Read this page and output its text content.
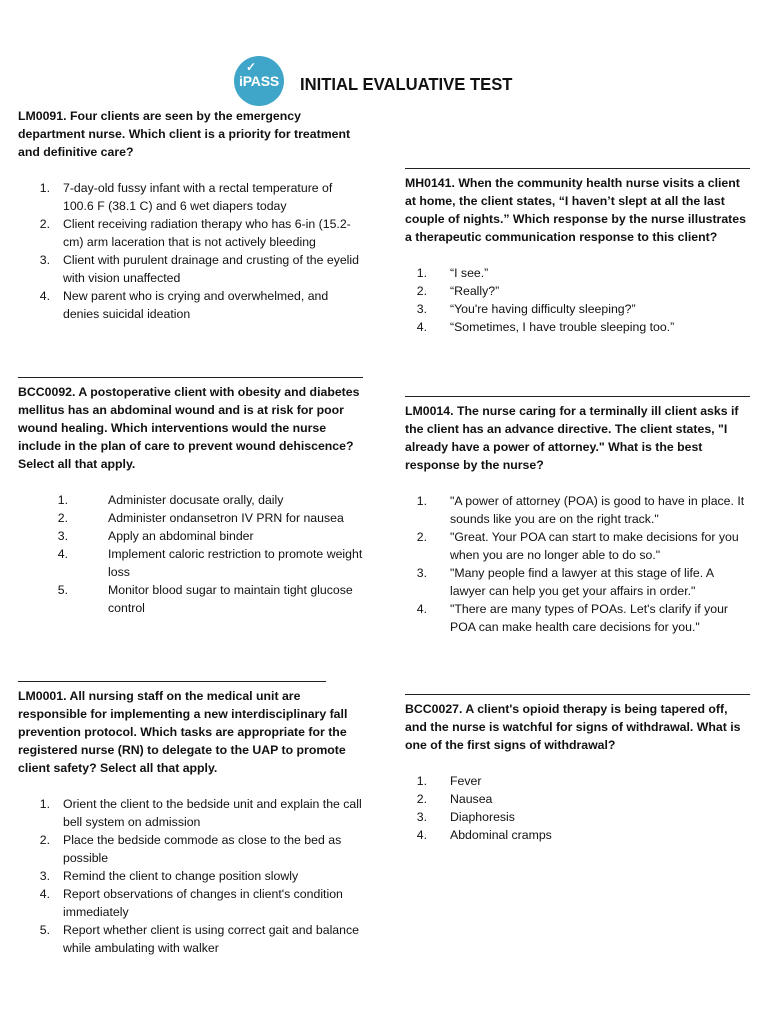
✓
iPASS INITIAL EVALUATIVE TEST

LM0091. Four clients are seen by the emergency department nurse. Which client is a priority for treatment and definitive care?

1.	7-day-old fussy infant with a rectal temperature of 100.6 F (38.1 C) and 6 wet diapers today
2.	Client receiving radiation therapy who has 6-in (15.2-cm) arm laceration that is not actively bleeding
3.	Client with purulent drainage and crusting of the eyelid with vision unaffected
4.	New parent who is crying and overwhelmed, and denies suicidal ideation

BCC0092. A postoperative client with obesity and diabetes mellitus has an abdominal wound and is at risk for poor wound healing. Which interventions would the nurse include in the plan of care to prevent wound dehiscence? Select all that apply.

1.	Administer docusate orally, daily
2.	Administer ondansetron IV PRN for nausea
3.	Apply an abdominal binder
4.	Implement caloric restriction to promote weight loss
5.	Monitor blood sugar to maintain tight glucose control

LM0001. All nursing staff on the medical unit are responsible for implementing a new interdisciplinary fall prevention protocol. Which tasks are appropriate for the registered nurse (RN) to delegate to the UAP to promote client safety? Select all that apply.

1.	Orient the client to the bedside unit and explain the call bell system on admission
2.	Place the bedside commode as close to the bed as possible
3.	Remind the client to change position slowly
4.	Report observations of changes in client's condition immediately
5.	Report whether client is using correct gait and balance while ambulating with walker

MH0141. When the community health nurse visits a client at home, the client states, “I haven’t slept at all the last couple of nights.” Which response by the nurse illustrates a therapeutic communication response to this client?

1.	“I see.”
2.	“Really?”
3.	“You're having difficulty sleeping?”
4.	“Sometimes, I have trouble sleeping too.”

LM0014. The nurse caring for a terminally ill client asks if the client has an advance directive. The client states, "I already have a power of attorney." What is the best response by the nurse?

1.	"A power of attorney (POA) is good to have in place. It sounds like you are on the right track."
2.	"Great. Your POA can start to make decisions for you when you are no longer able to do so."
3.	"Many people find a lawyer at this stage of life. A lawyer can help you get your affairs in order."
4.	"There are many types of POAs. Let's clarify if your POA can make health care decisions for you."

BCC0027. A client's opioid therapy is being tapered off, and the nurse is watchful for signs of withdrawal. What is one of the first signs of withdrawal?

1.	Fever
2.	Nausea
3.	Diaphoresis
4.	Abdominal cramps
